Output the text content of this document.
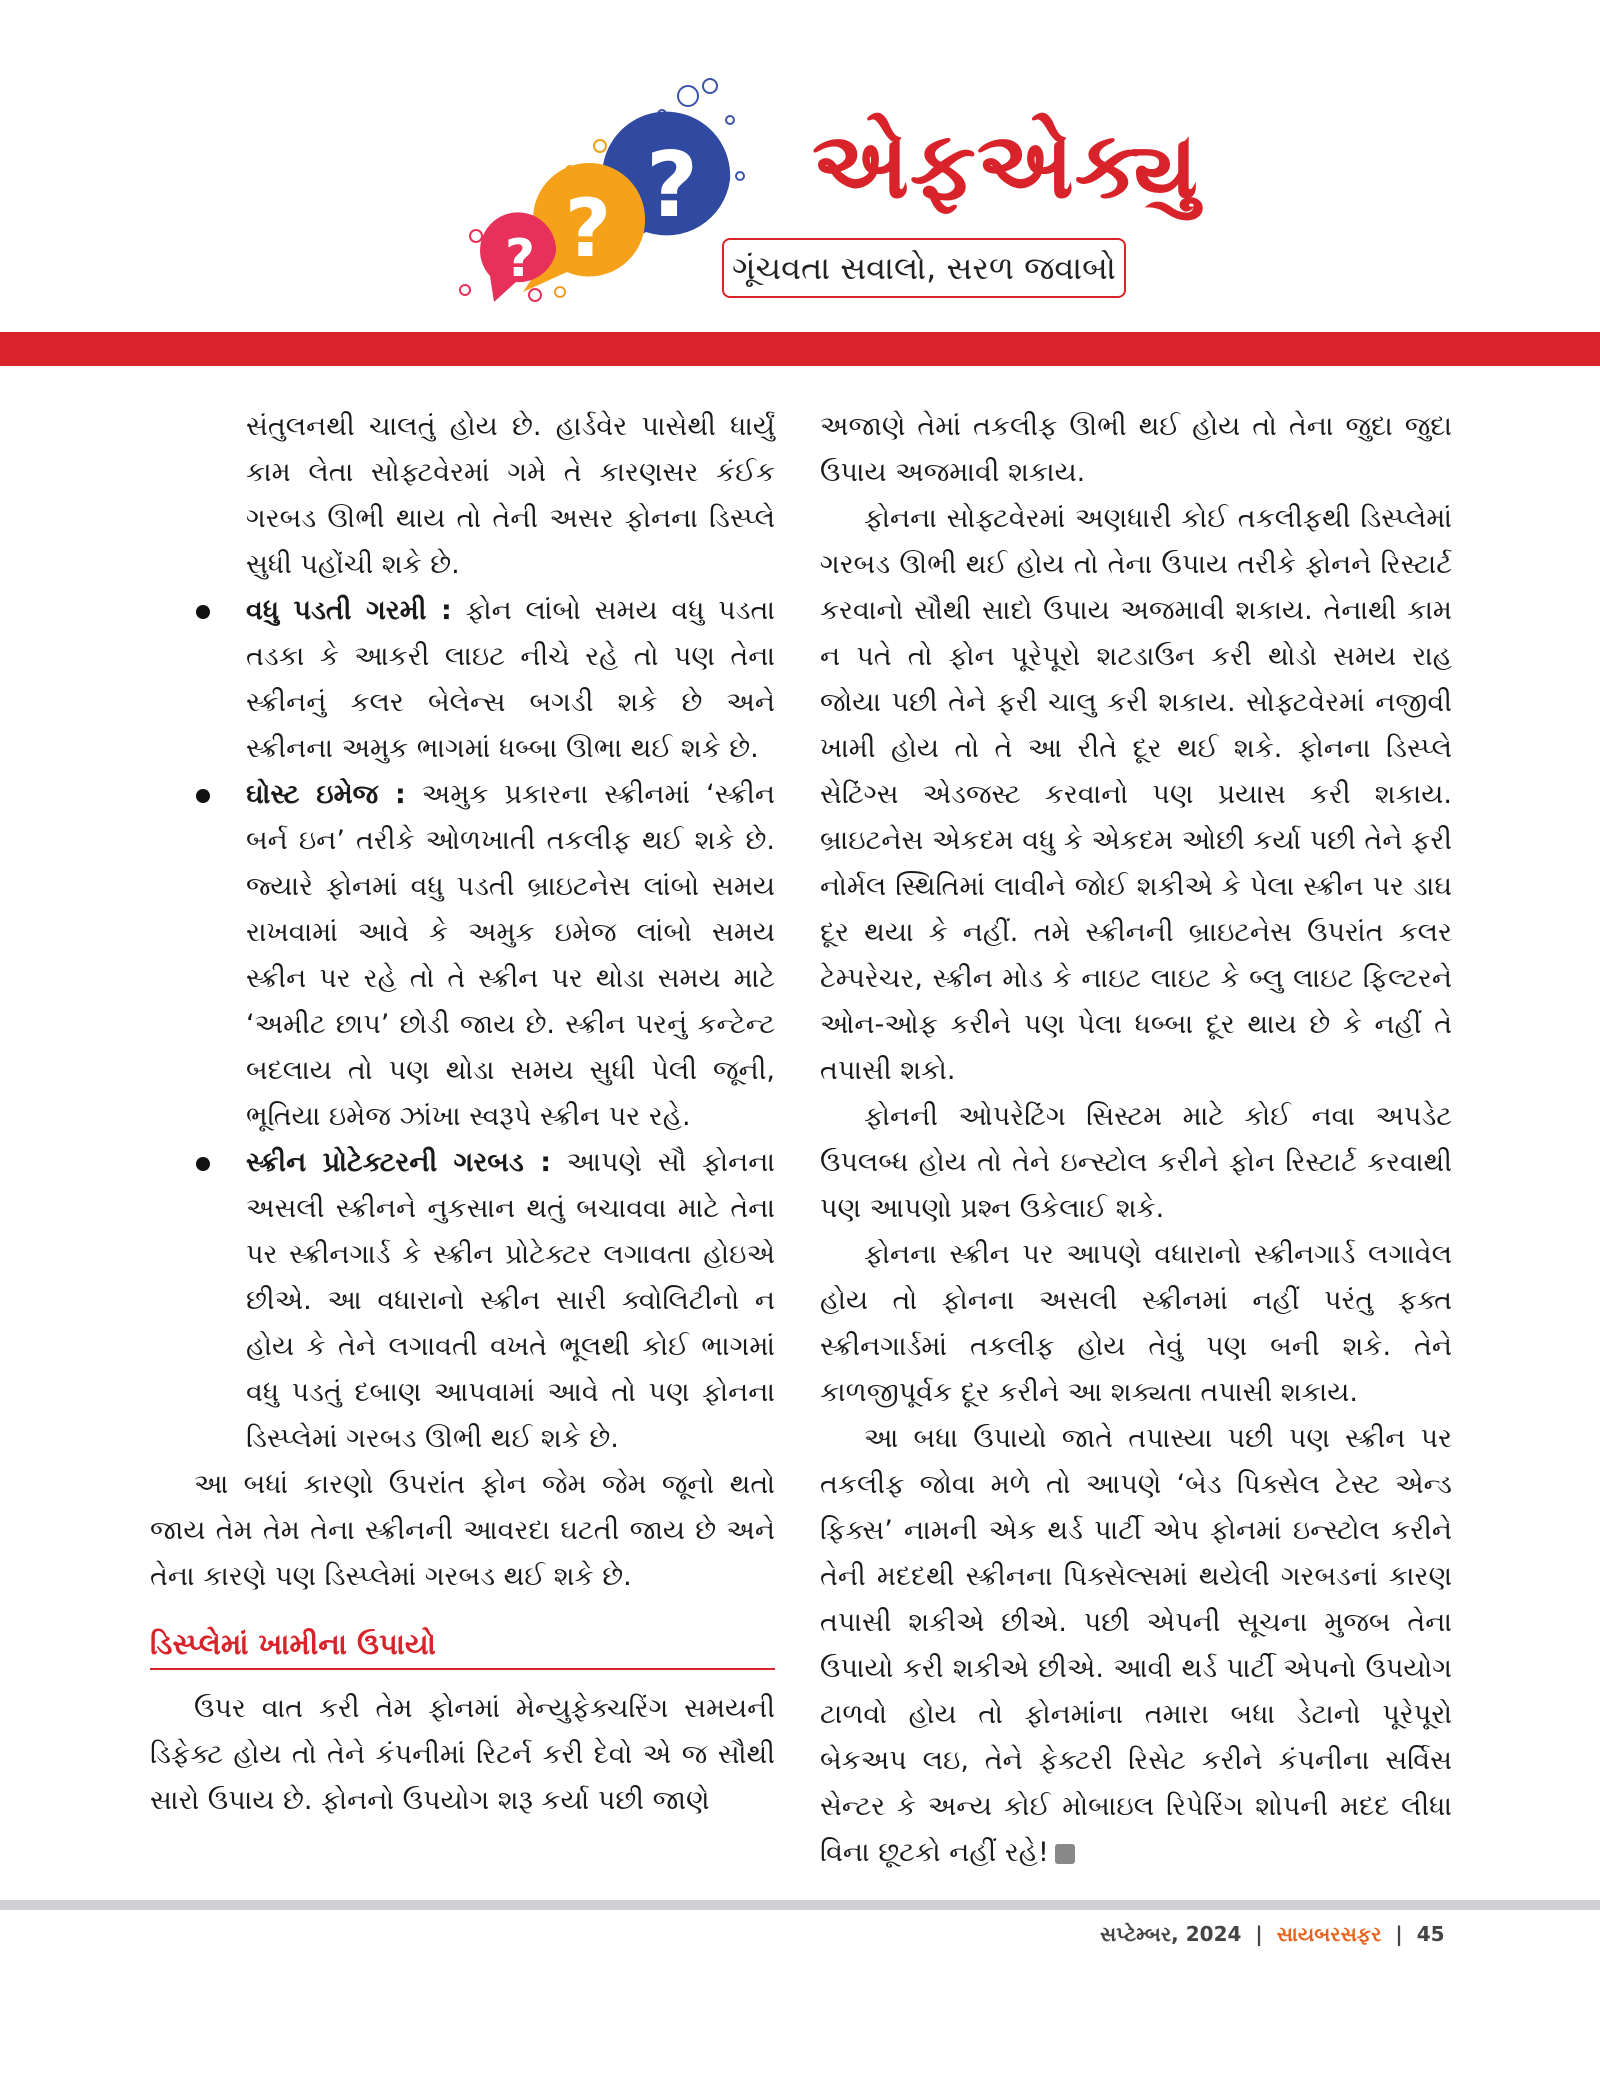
?
?
?
એફએક્યુ
ગૂંચવતા સવાલો, સરળ જવાબો

સંતુલનથી ચાલતું હોય છે. હાર્ડવેર પાસેથી ધાર્યું કામ લેતા સોફ્ટવેરમાં ગમે તે કારણસર કંઈક ગરબડ ઊભી થાય તો તેની અસર ફોનના ડિસ્પ્લે સુધી પહોંચી શકે છે.

વધુ પડતી ગરમી : ફોન લાંબો સમય વધુ પડતા તડકા કે આકરી લાઇટ નીચે રહે તો પણ તેના સ્ક્રીનનું કલર બેલેન્સ બગડી શકે છે અને સ્ક્રીનના અમુક ભાગમાં ધબ્બા ઊભા થઈ શકે છે.
ઘોસ્ટ ઇમેજ : અમુક પ્રકારના સ્ક્રીનમાં ‘સ્ક્રીન બર્ન ઇન’ તરીકે ઓળખાતી તકલીફ થઈ શકે છે. જ્યારે ફોનમાં વધુ પડતી બ્રાઇટનેસ લાંબો સમય રાખવામાં આવે કે અમુક ઇમેજ લાંબો સમય સ્ક્રીન પર રહે તો તે સ્ક્રીન પર થોડા સમય માટે ‘અમીટ છાપ’ છોડી જાય છે. સ્ક્રીન પરનું કન્ટેન્ટ બદલાય તો પણ થોડા સમય સુધી પેલી જૂની, ભૂતિયા ઇમેજ ઝાંખા સ્વરૂપે સ્ક્રીન પર રહે.
સ્ક્રીન પ્રોટેક્ટરની ગરબડ : આપણે સૌ ફોનના અસલી સ્ક્રીનને નુકસાન થતું બચાવવા માટે તેના પર સ્ક્રીનગાર્ડ કે સ્ક્રીન પ્રોટેક્ટર લગાવતા હોઇએ છીએ. આ વધારાનો સ્ક્રીન સારી ક્વોલિટીનો ન હોય કે તેને લગાવતી વખતે ભૂલથી કોઈ ભાગમાં વધુ પડતું દબાણ આપવામાં આવે તો પણ ફોનના ડિસ્પ્લેમાં ગરબડ ઊભી થઈ શકે છે.

આ બધાં કારણો ઉપરાંત ફોન જેમ જેમ જૂનો થતો જાય તેમ તેમ તેના સ્ક્રીનની આવરદા ઘટતી જાય છે અને તેના કારણે પણ ડિસ્પ્લેમાં ગરબડ થઈ શકે છે.

ડિસ્પ્લેમાં ખામીના ઉપાયો

ઉપર વાત કરી તેમ ફોનમાં મેન્યુફેક્ચરિંગ સમયની ડિફેક્ટ હોય તો તેને કંપનીમાં રિટર્ન કરી દેવો એ જ સૌથી સારો ઉપાય છે. ફોનનો ઉપયોગ શરૂ કર્યા પછી જાણે

અજાણે તેમાં તકલીફ ઊભી થઈ હોય તો તેના જુદા જુદા ઉપાય અજમાવી શકાય.

ફોનના સોફ્ટવેરમાં અણધારી કોઈ તકલીફથી ડિસ્પ્લેમાં ગરબડ ઊભી થઈ હોય તો તેના ઉપાય તરીકે ફોનને રિસ્ટાર્ટ કરવાનો સૌથી સાદો ઉપાય અજમાવી શકાય. તેનાથી કામ ન પતે તો ફોન પૂરેપૂરો શટડાઉન કરી થોડો સમય રાહ જોયા પછી તેને ફરી ચાલુ કરી શકાય. સોફ્ટવેરમાં નજીવી ખામી હોય તો તે આ રીતે દૂર થઈ શકે. ફોનના ડિસ્પ્લે સેટિંગ્સ એડજસ્ટ કરવાનો પણ પ્રયાસ કરી શકાય. બ્રાઇટનેસ એકદમ વધુ કે એકદમ ઓછી કર્યા પછી તેને ફરી નોર્મલ સ્થિતિમાં લાવીને જોઈ શકીએ કે પેલા સ્ક્રીન પર ડાઘ દૂર થયા કે નહીં. તમે સ્ક્રીનની બ્રાઇટનેસ ઉપરાંત કલર ટેમ્પરેચર, સ્ક્રીન મોડ કે નાઇટ લાઇટ કે બ્લુ લાઇટ ફિલ્ટરને ઓન-ઓફ કરીને પણ પેલા ધબ્બા દૂર થાય છે કે નહીં તે તપાસી શકો.

ફોનની ઓપરેટિંગ સિસ્ટમ માટે કોઈ નવા અપડેટ ઉપલબ્ધ હોય તો તેને ઇન્સ્ટોલ કરીને ફોન રિસ્ટાર્ટ કરવાથી પણ આપણો પ્રશ્ન ઉકેલાઈ શકે.

ફોનના સ્ક્રીન પર આપણે વધારાનો સ્ક્રીનગાર્ડ લગાવેલ હોય તો ફોનના અસલી સ્ક્રીનમાં નહીં પરંતુ ફક્ત સ્ક્રીનગાર્ડમાં તકલીફ હોય તેવું પણ બની શકે. તેને કાળજીપૂર્વક દૂર કરીને આ શક્યતા તપાસી શકાય.

આ બધા ઉપાયો જાતે તપાસ્યા પછી પણ સ્ક્રીન પર તકલીફ જોવા મળે તો આપણે ‘બેડ પિક્સેલ ટેસ્ટ એન્ડ ફિક્સ’ નામની એક થર્ડ પાર્ટી એપ ફોનમાં ઇન્સ્ટોલ કરીને તેની મદદથી સ્ક્રીનના પિક્સેલ્સમાં થયેલી ગરબડનાં કારણ તપાસી શકીએ છીએ. પછી એપની સૂચના મુજબ તેના ઉપાયો કરી શકીએ છીએ. આવી થર્ડ પાર્ટી એપનો ઉપયોગ ટાળવો હોય તો ફોનમાંના તમારા બધા ડેટાનો પૂરેપૂરો બેકઅપ લઇ, તેને ફેક્ટરી રિસેટ કરીને કંપનીના સર્વિસ સેન્ટર કે અન્ય કોઈ મોબાઇલ રિપેરિંગ શોપની મદદ લીધા વિના છૂટકો નહીં રહે!

સપ્ટેમ્બર, 2024 | સાયબરસફર | 45
